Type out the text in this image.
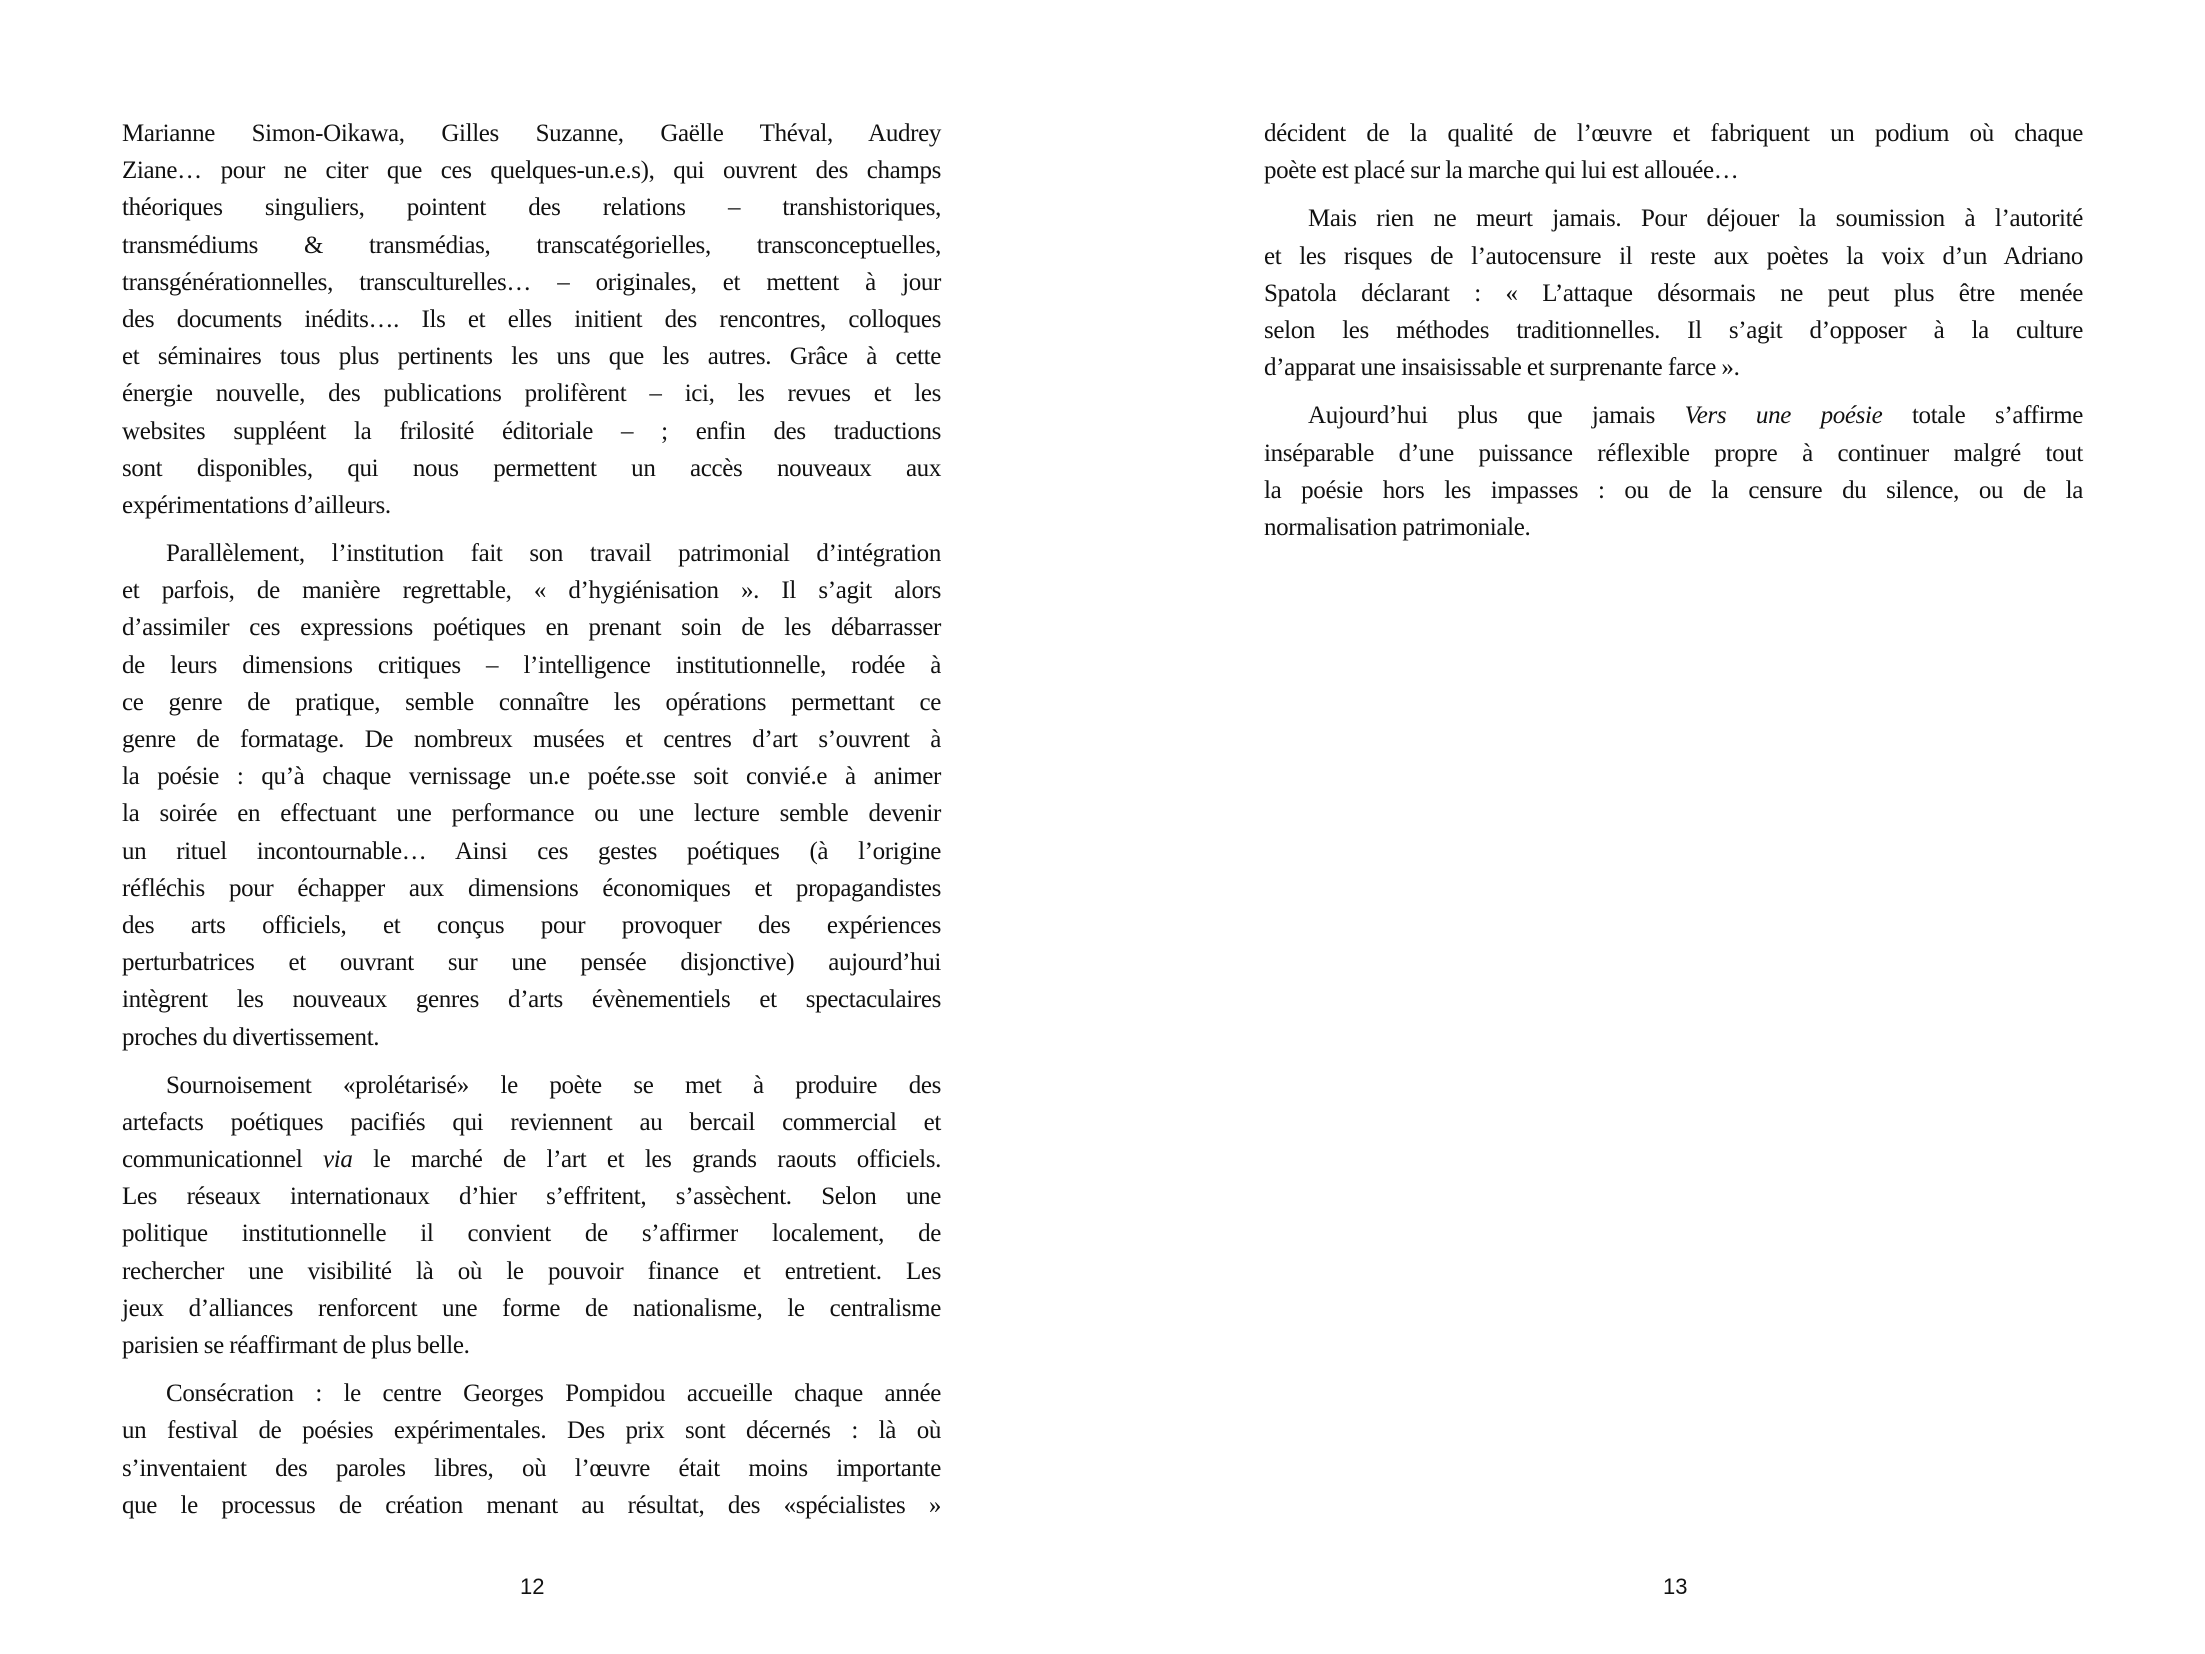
Marianne Simon-Oikawa, Gilles Suzanne, Gaëlle Théval, Audrey
Ziane… pour ne citer que ces quelques-un.e.s), qui ouvrent des champs
théoriques singuliers, pointent des relations – transhistoriques,
transmédiums & transmédias, transcatégorielles, transconceptuelles,
transgénérationnelles, transculturelles… – originales, et mettent à jour
des documents inédits…. Ils et elles initient des rencontres, colloques
et séminaires tous plus pertinents les uns que les autres. Grâce à cette
énergie nouvelle, des publications prolifèrent – ici, les revues et les
websites suppléent la frilosité éditoriale – ; enfin des traductions
sont disponibles, qui nous permettent un accès nouveaux aux
expérimentations d’ailleurs.
Parallèlement, l’institution fait son travail patrimonial d’intégration
et parfois, de manière regrettable, « d’hygiénisation ». Il s’agit alors
d’assimiler ces expressions poétiques en prenant soin de les débarrasser
de leurs dimensions critiques – l’intelligence institutionnelle, rodée à
ce genre de pratique, semble connaître les opérations permettant ce
genre de formatage. De nombreux musées et centres d’art s’ouvrent à
la poésie : qu’à chaque vernissage un.e poéte.sse soit convié.e à animer
la soirée en effectuant une performance ou une lecture semble devenir
un rituel incontournable… Ainsi ces gestes poétiques (à l’origine
réfléchis pour échapper aux dimensions économiques et propagandistes
des arts officiels, et conçus pour provoquer des expériences
perturbatrices et ouvrant sur une pensée disjonctive) aujourd’hui
intègrent les nouveaux genres d’arts évènementiels et spectaculaires
proches du divertissement.
Sournoisement «prolétarisé» le poète se met à produire des
artefacts poétiques pacifiés qui reviennent au bercail commercial et
communicationnel via le marché de l’art et les grands raouts officiels.
Les réseaux internationaux d’hier s’effritent, s’assèchent. Selon une
politique institutionnelle il convient de s’affirmer localement, de
rechercher une visibilité là où le pouvoir finance et entretient. Les
jeux d’alliances renforcent une forme de nationalisme, le centralisme
parisien se réaffirmant de plus belle.
Consécration : le centre Georges Pompidou accueille chaque année
un festival de poésies expérimentales. Des prix sont décernés : là où
s’inventaient des paroles libres, où l’œuvre était moins importante
que le processus de création menant au résultat, des «spécialistes »
12
décident de la qualité de l’œuvre et fabriquent un podium où chaque
poète est placé sur la marche qui lui est allouée…
Mais rien ne meurt jamais. Pour déjouer la soumission à l’autorité
et les risques de l’autocensure il reste aux poètes la voix d’un Adriano
Spatola déclarant : « L’attaque désormais ne peut plus être menée
selon les méthodes traditionnelles. Il s’agit d’opposer à la culture
d’apparat une insaisissable et surprenante farce ».
Aujourd’hui plus que jamais Vers une poésie totale s’affirme
inséparable d’une puissance réflexible propre à continuer malgré tout
la poésie hors les impasses : ou de la censure du silence, ou de la
normalisation patrimoniale.
13
